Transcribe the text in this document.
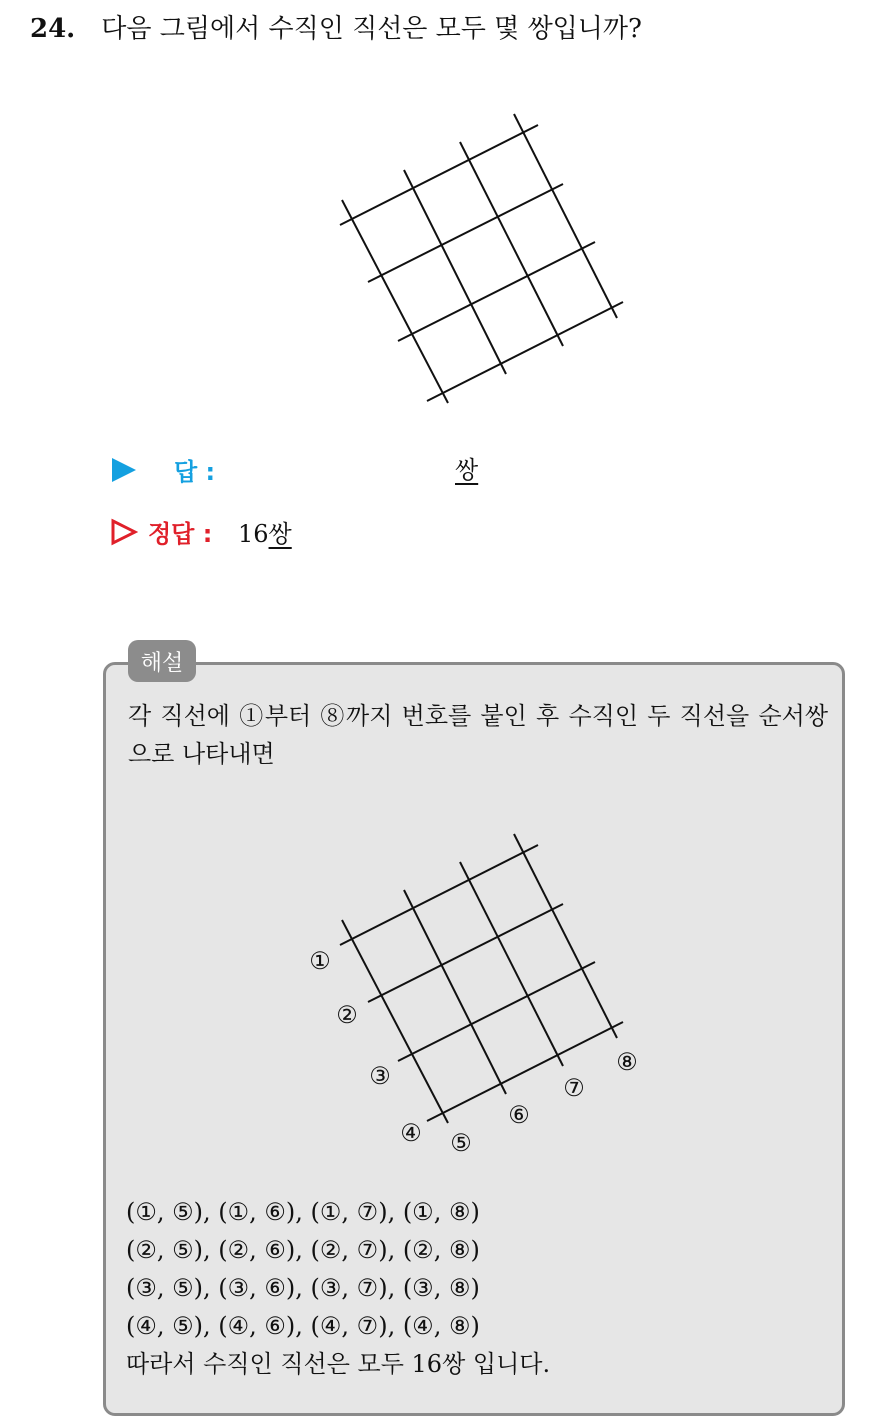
24. 다음 그림에서 수직인 직선은 모두 몇 쌍입니까?
답 :	쌍
정답 : 16쌍
해설
각 직선에 ①부터 ⑧까지 번호를 붙인 후 수직인 두 직선을 순서쌍으로 나타내면
①
②
③
④ ⑤
⑥
⑦
⑧
(①, ⑤), (①, ⑥), (①, ⑦), (①, ⑧)
(②, ⑤), (②, ⑥), (②, ⑦), (②, ⑧)
(③, ⑤), (③, ⑥), (③, ⑦), (③, ⑧)
(④, ⑤), (④, ⑥), (④, ⑦), (④, ⑧)
따라서 수직인 직선은 모두 16쌍 입니다.
